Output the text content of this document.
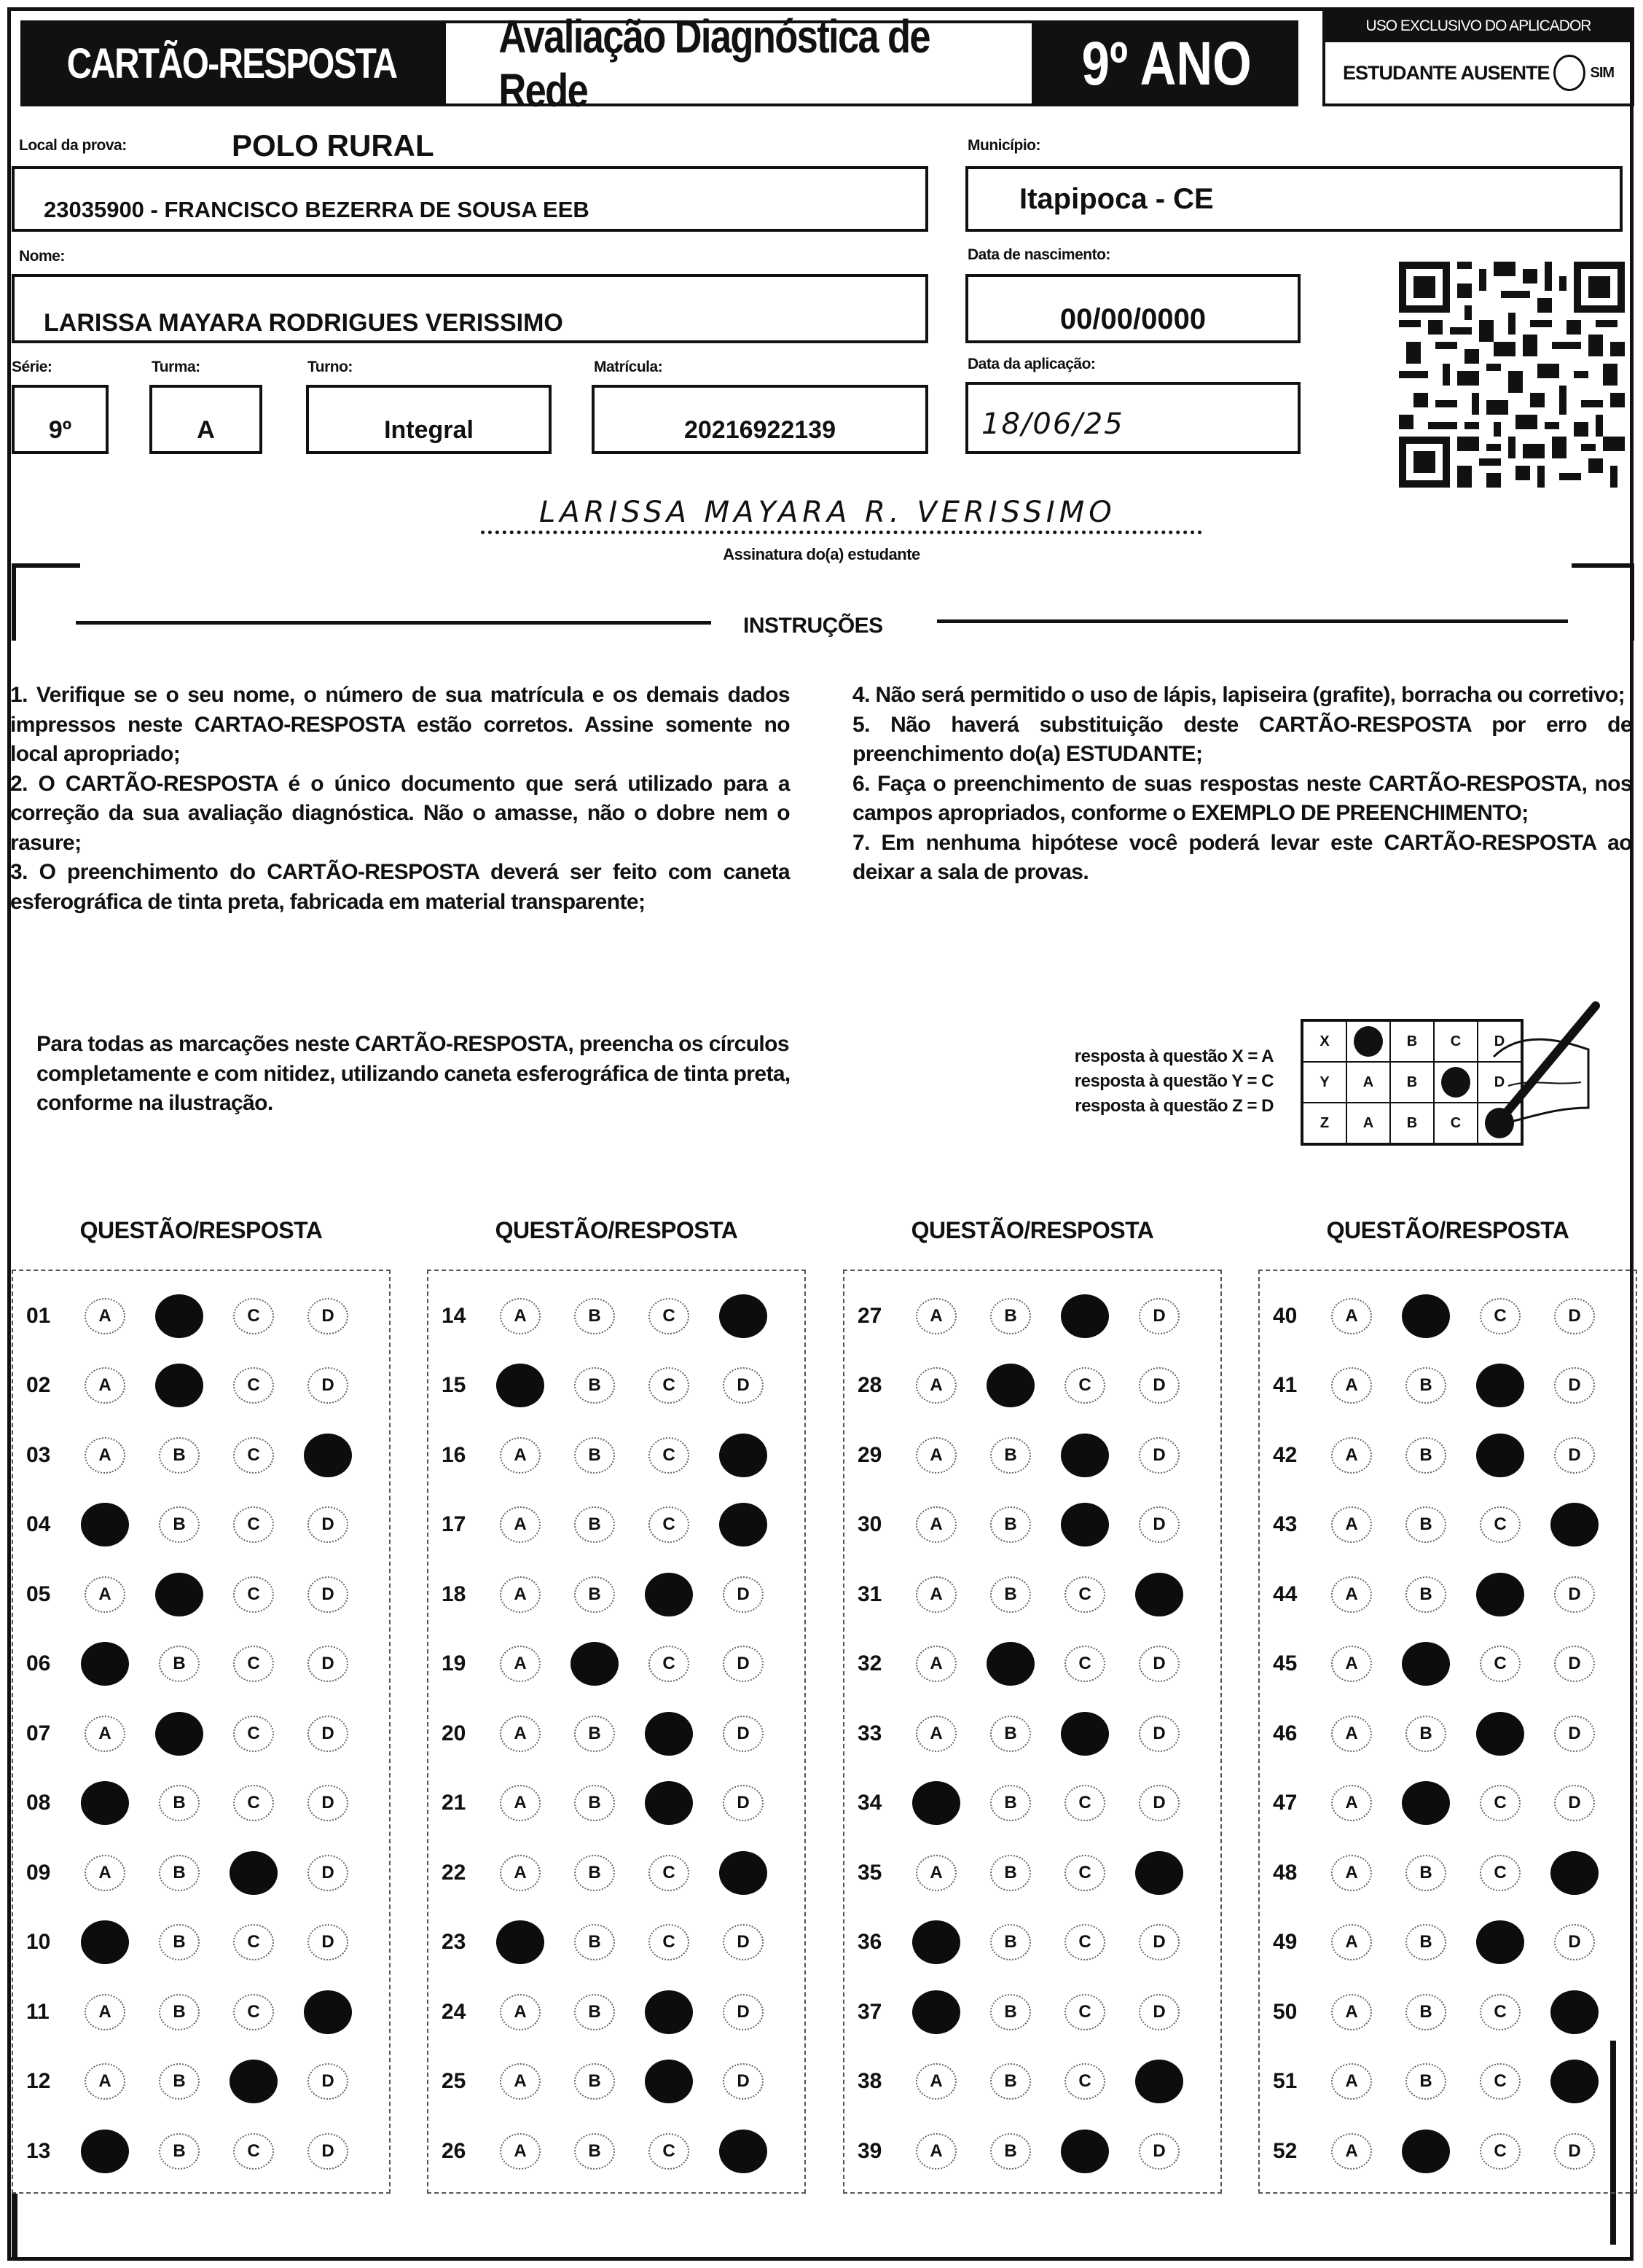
CARTÃO-RESPOSTA
Avaliação Diagnóstica de Rede	9º ANO
USO EXCLUSIVO DO APLICADOR
ESTUDANTE AUSENTE	SIM
Local da prova:	POLO RURAL
23035900 - FRANCISCO BEZERRA DE SOUSA EEB
Município:
Itapipoca - CE
Nome:
LARISSA MAYARA RODRIGUES VERISSIMO
Data de nascimento:
00/00/0000
Série:
9º
Turma:
A
Turno:
Integral
Matrícula:
20216922139
Data da aplicação:
18/06/25
LARISSA MAYARA R. VERISSIMO
Assinatura do(a) estudante
INSTRUÇÕES

1. Verifique se o seu nome, o número de sua matrícula e os demais dados impressos neste CARTAO-RESPOSTA estão corretos. Assine somente no local apropriado;

2. O CARTÃO-RESPOSTA é o único documento que será utilizado para a correção da sua avaliação diagnóstica. Não o amasse, não o dobre nem o rasure;

3. O preenchimento do CARTÃO-RESPOSTA deverá ser feito com caneta esferográfica de tinta preta, fabricada em material transparente;

4. Não será permitido o uso de lápis, lapiseira (grafite), borracha ou corretivo;

5. Não haverá substituição deste CARTÃO-RESPOSTA por erro de preenchimento do(a) ESTUDANTE;

6. Faça o preenchimento de suas respostas neste CARTÃO-RESPOSTA, nos campos apropriados, conforme o EXEMPLO DE PREENCHIMENTO;

7. Em nenhuma hipótese você poderá levar este CARTÃO-RESPOSTA ao deixar a sala de provas.

Para todas as marcações neste CARTÃO-RESPOSTA, preencha os círculos completamente e com nitidez, utilizando caneta esferográfica de tinta preta, conforme na ilustração.
resposta à questão X = A
resposta à questão Y = C
resposta à questão Z = D
X		B	C	D
Y	A	B		D
Z	A	B	C	
QUESTÃO/RESPOSTA
01	A	C	D
02	A	C	D
03	A	B	C
04	B	C	D
05	A	C	D
06	B	C	D
07	A	C	D
08	B	C	D
09	A	B	D
10	B	C	D
11	A	B	C
12	A	B	D
13	B	C	D
QUESTÃO/RESPOSTA
14	A	B	C
15	B	C	D
16	A	B	C
17	A	B	C
18	A	B	D
19	A	C	D
20	A	B	D
21	A	B	D
22	A	B	C
23	B	C	D
24	A	B	D
25	A	B	D
26	A	B	C
QUESTÃO/RESPOSTA
27	A	B	D
28	A	C	D
29	A	B	D
30	A	B	D
31	A	B	C
32	A	C	D
33	A	B	D
34	B	C	D
35	A	B	C
36	B	C	D
37	B	C	D
38	A	B	C
39	A	B	D
QUESTÃO/RESPOSTA
40	A	C	D
41	A	B	D
42	A	B	D
43	A	B	C
44	A	B	D
45	A	C	D
46	A	B	D
47	A	C	D
48	A	B	C
49	A	B	D
50	A	B	C
51	A	B	C
52	A	C	D
